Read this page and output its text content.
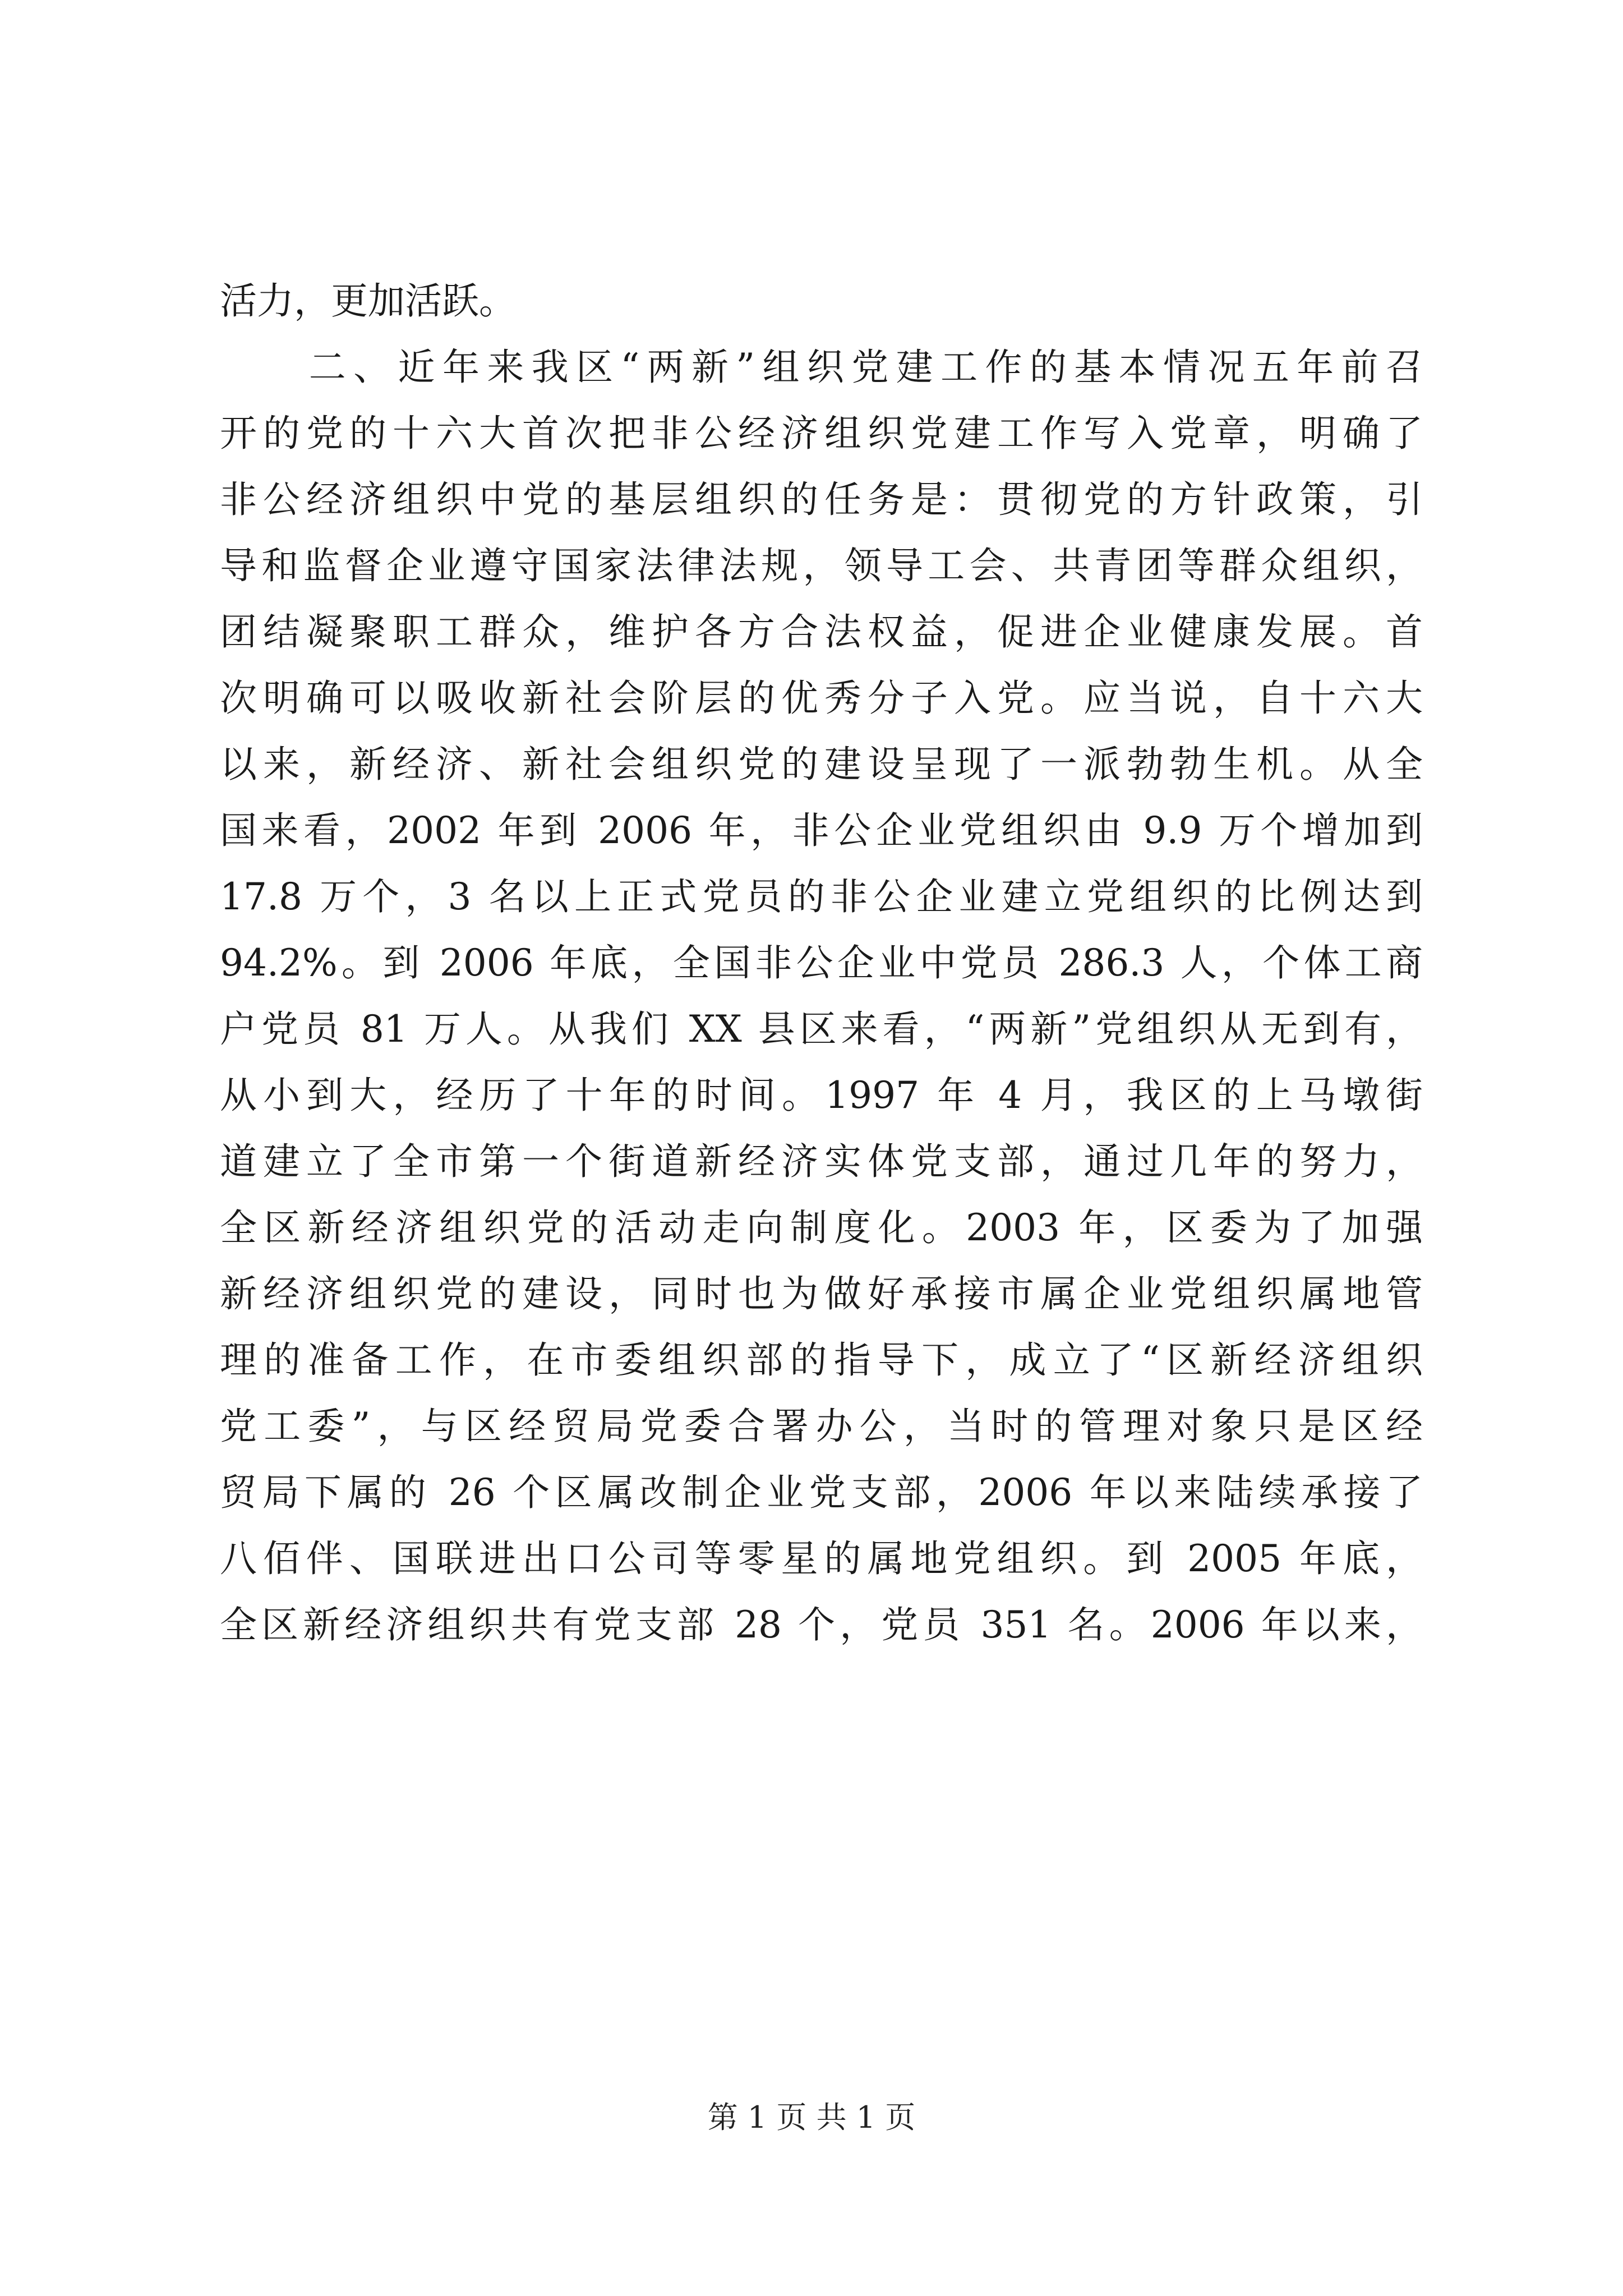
活力，更加活跃。
　　二、近年来我区“两新”组织党建工作的基本情况五年前召
开的党的十六大首次把非公经济组织党建工作写入党章，明确了
非公经济组织中党的基层组织的任务是：贯彻党的方针政策，引
导和监督企业遵守国家法律法规，领导工会、共青团等群众组织，
团结凝聚职工群众，维护各方合法权益，促进企业健康发展。首
次明确可以吸收新社会阶层的优秀分子入党。应当说，自十六大
以来，新经济、新社会组织党的建设呈现了一派勃勃生机。从全
国来看，2002 年到 2006 年，非公企业党组织由 9.9 万个增加到
17.8 万个，3 名以上正式党员的非公企业建立党组织的比例达到
94.2%。到 2006 年底，全国非公企业中党员 286.3 人，个体工商
户党员 81 万人。从我们 XX 县区来看，“两新”党组织从无到有，
从小到大，经历了十年的时间。1997 年 4 月，我区的上马墩街
道建立了全市第一个街道新经济实体党支部，通过几年的努力，
全区新经济组织党的活动走向制度化。2003 年，区委为了加强
新经济组织党的建设，同时也为做好承接市属企业党组织属地管
理的准备工作，在市委组织部的指导下，成立了“区新经济组织
党工委”，与区经贸局党委合署办公，当时的管理对象只是区经
贸局下属的 26 个区属改制企业党支部，2006 年以来陆续承接了
八佰伴、国联进出口公司等零星的属地党组织。到 2005 年底，
全区新经济组织共有党支部 28 个，党员 351 名。2006 年以来，
第 1 页 共 1 页
